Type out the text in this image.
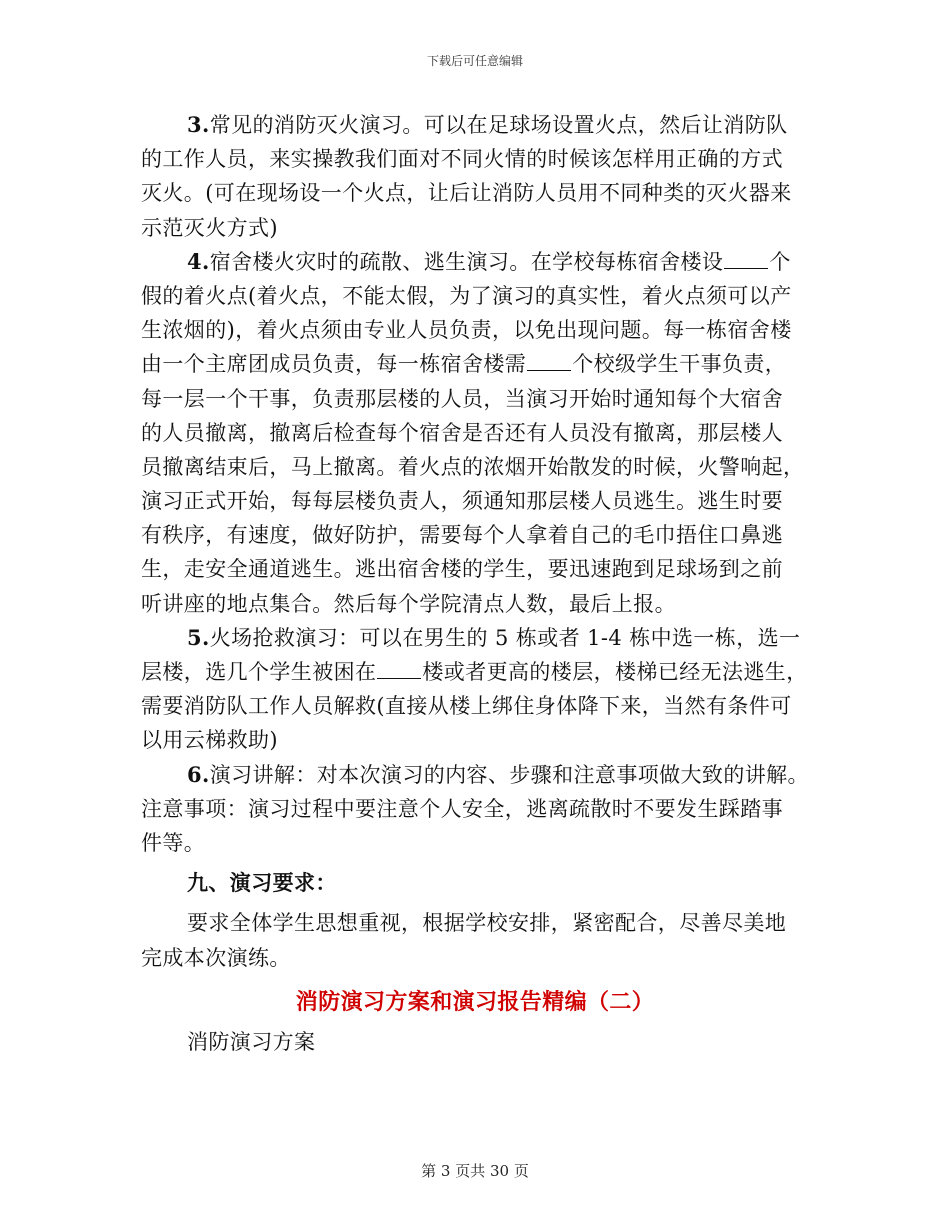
下载后可任意编辑
3.常见的消防灭火演习。可以在足球场设置火点，然后让消防队
的工作人员，来实操教我们面对不同火情的时候该怎样用正确的方式
灭火。(可在现场设一个火点，让后让消防人员用不同种类的灭火器来
示范灭火方式)
4.宿舍楼火灾时的疏散、逃生演习。在学校每栋宿舍楼设 个
假的着火点(着火点，不能太假，为了演习的真实性，着火点须可以产
生浓烟的)，着火点须由专业人员负责，以免出现问题。每一栋宿舍楼
由一个主席团成员负责，每一栋宿舍楼需 个校级学生干事负责，
每一层一个干事，负责那层楼的人员，当演习开始时通知每个大宿舍
的人员撤离，撤离后检查每个宿舍是否还有人员没有撤离，那层楼人
员撤离结束后，马上撤离。着火点的浓烟开始散发的时候，火警响起，
演习正式开始，每每层楼负责人，须通知那层楼人员逃生。逃生时要
有秩序，有速度，做好防护，需要每个人拿着自己的毛巾捂住口鼻逃
生，走安全通道逃生。逃出宿舍楼的学生，要迅速跑到足球场到之前
听讲座的地点集合。然后每个学院清点人数，最后上报。
5.火场抢救演习：可以在男生的 5 栋或者 1-4 栋中选一栋，选一
层楼，选几个学生被困在 楼或者更高的楼层，楼梯已经无法逃生，
需要消防队工作人员解救(直接从楼上绑住身体降下来，当然有条件可
以用云梯救助)
6.演习讲解：对本次演习的内容、步骤和注意事项做大致的讲解。
注意事项：演习过程中要注意个人安全，逃离疏散时不要发生踩踏事
件等。
九、演习要求：
要求全体学生思想重视，根据学校安排，紧密配合，尽善尽美地
完成本次演练。
消防演习方案和演习报告精编（二）
消防演习方案
第 3 页共 30 页
